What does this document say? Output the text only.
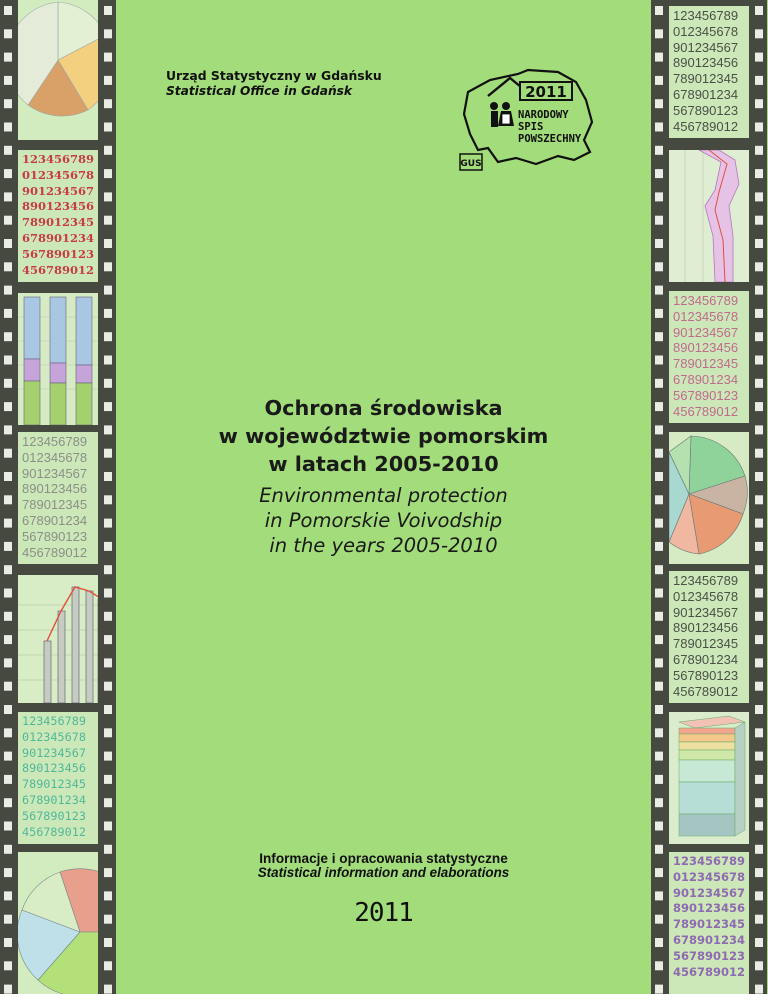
123456789
012345678
901234567
890123456
789012345
678901234
567890123
456789012
123456789
012345678
901234567
890123456
789012345
678901234
567890123
456789012
123456789
012345678
901234567
890123456
789012345
678901234
567890123
456789012
123456789
012345678
901234567
890123456
789012345
678901234
567890123
456789012
123456789
012345678
901234567
890123456
789012345
678901234
567890123
456789012
123456789
012345678
901234567
890123456
789012345
678901234
567890123
456789012
123456789
012345678
901234567
890123456
789012345
678901234
567890123
456789012
Urząd Statystyczny w Gdańsku
Statistical Office in Gdańsk	2011
NARODOWY
SPIS
POWSZECHNY
GUS
Ochrona środowiska
w województwie pomorskim
w latach 2005-2010
Environmental protection
in Pomorskie Voivodship
in the years 2005-2010
Informacje i opracowania statystyczne
Statistical information and elaborations
2011
